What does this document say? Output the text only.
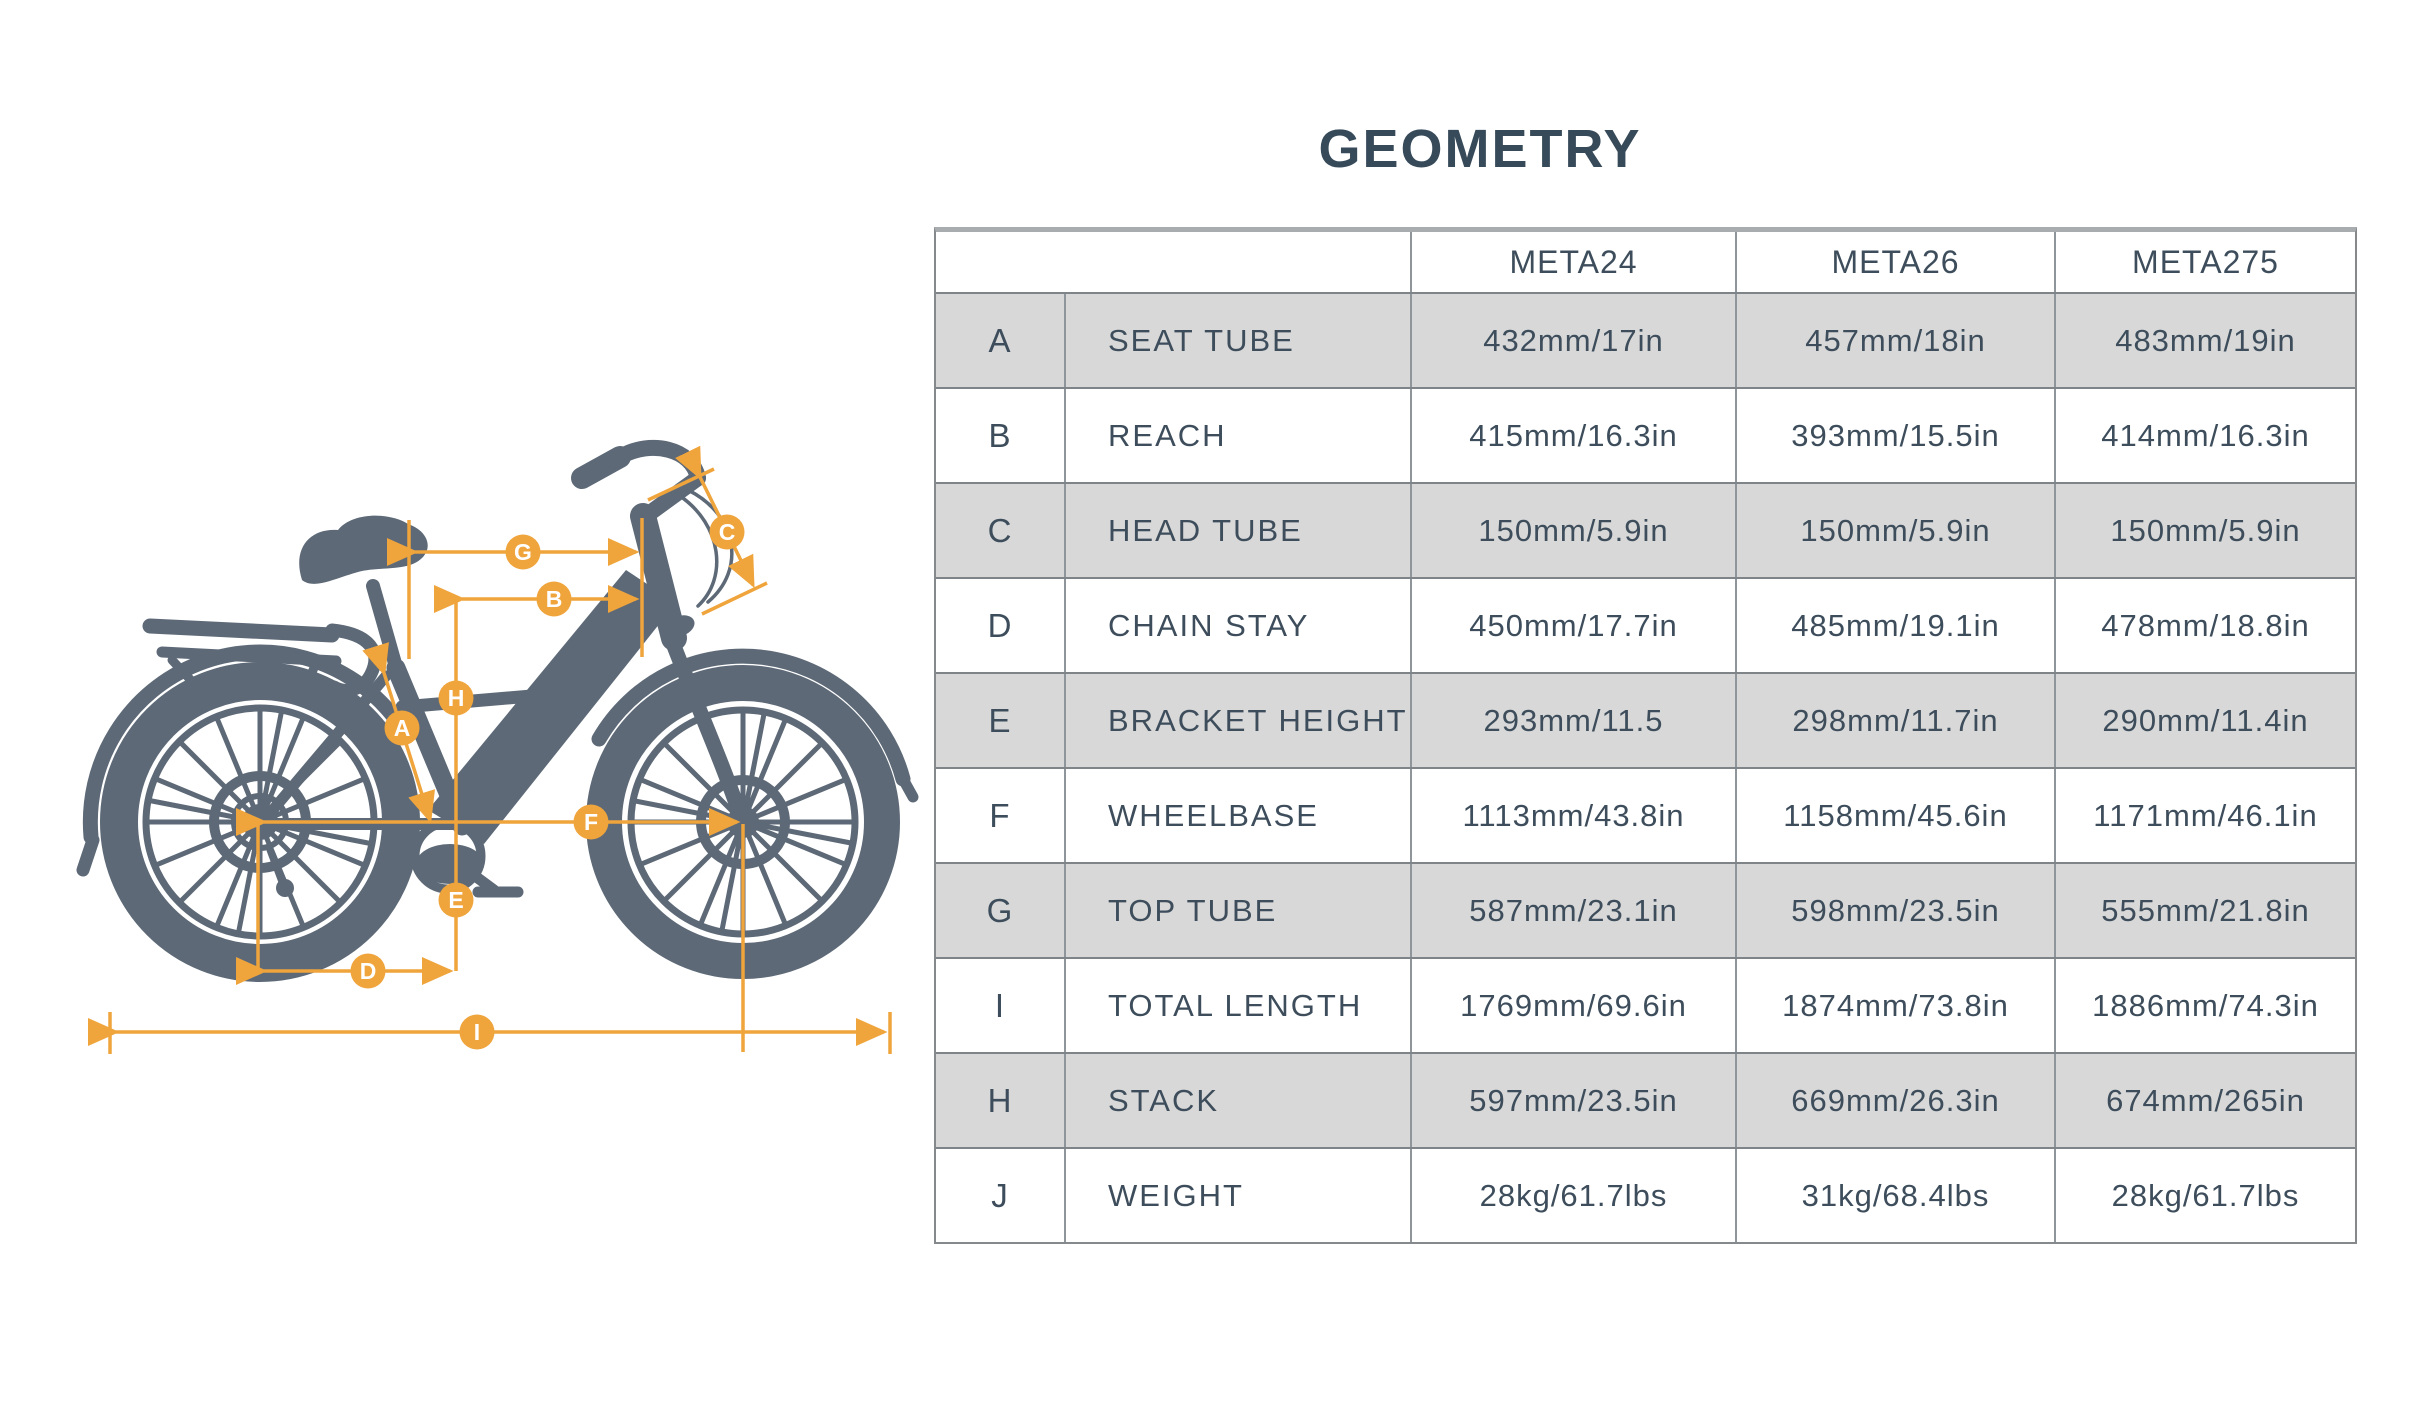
GEOMETRY
G
B
C
H
A
F
E
D
I
META24	META26	META275
A	SEAT TUBE	432mm/17in	457mm/18in	483mm/19in
B	REACH	415mm/16.3in	393mm/15.5in	414mm/16.3in
C	HEAD TUBE	150mm/5.9in	150mm/5.9in	150mm/5.9in
D	CHAIN STAY	450mm/17.7in	485mm/19.1in	478mm/18.8in
E	BRACKET HEIGHT	293mm/11.5	298mm/11.7in	290mm/11.4in
F	WHEELBASE	1113mm/43.8in	1158mm/45.6in	1171mm/46.1in
G	TOP TUBE	587mm/23.1in	598mm/23.5in	555mm/21.8in
I	TOTAL LENGTH	1769mm/69.6in	1874mm/73.8in	1886mm/74.3in
H	STACK	597mm/23.5in	669mm/26.3in	674mm/265in
J	WEIGHT	28kg/61.7lbs	31kg/68.4lbs	28kg/61.7lbs
